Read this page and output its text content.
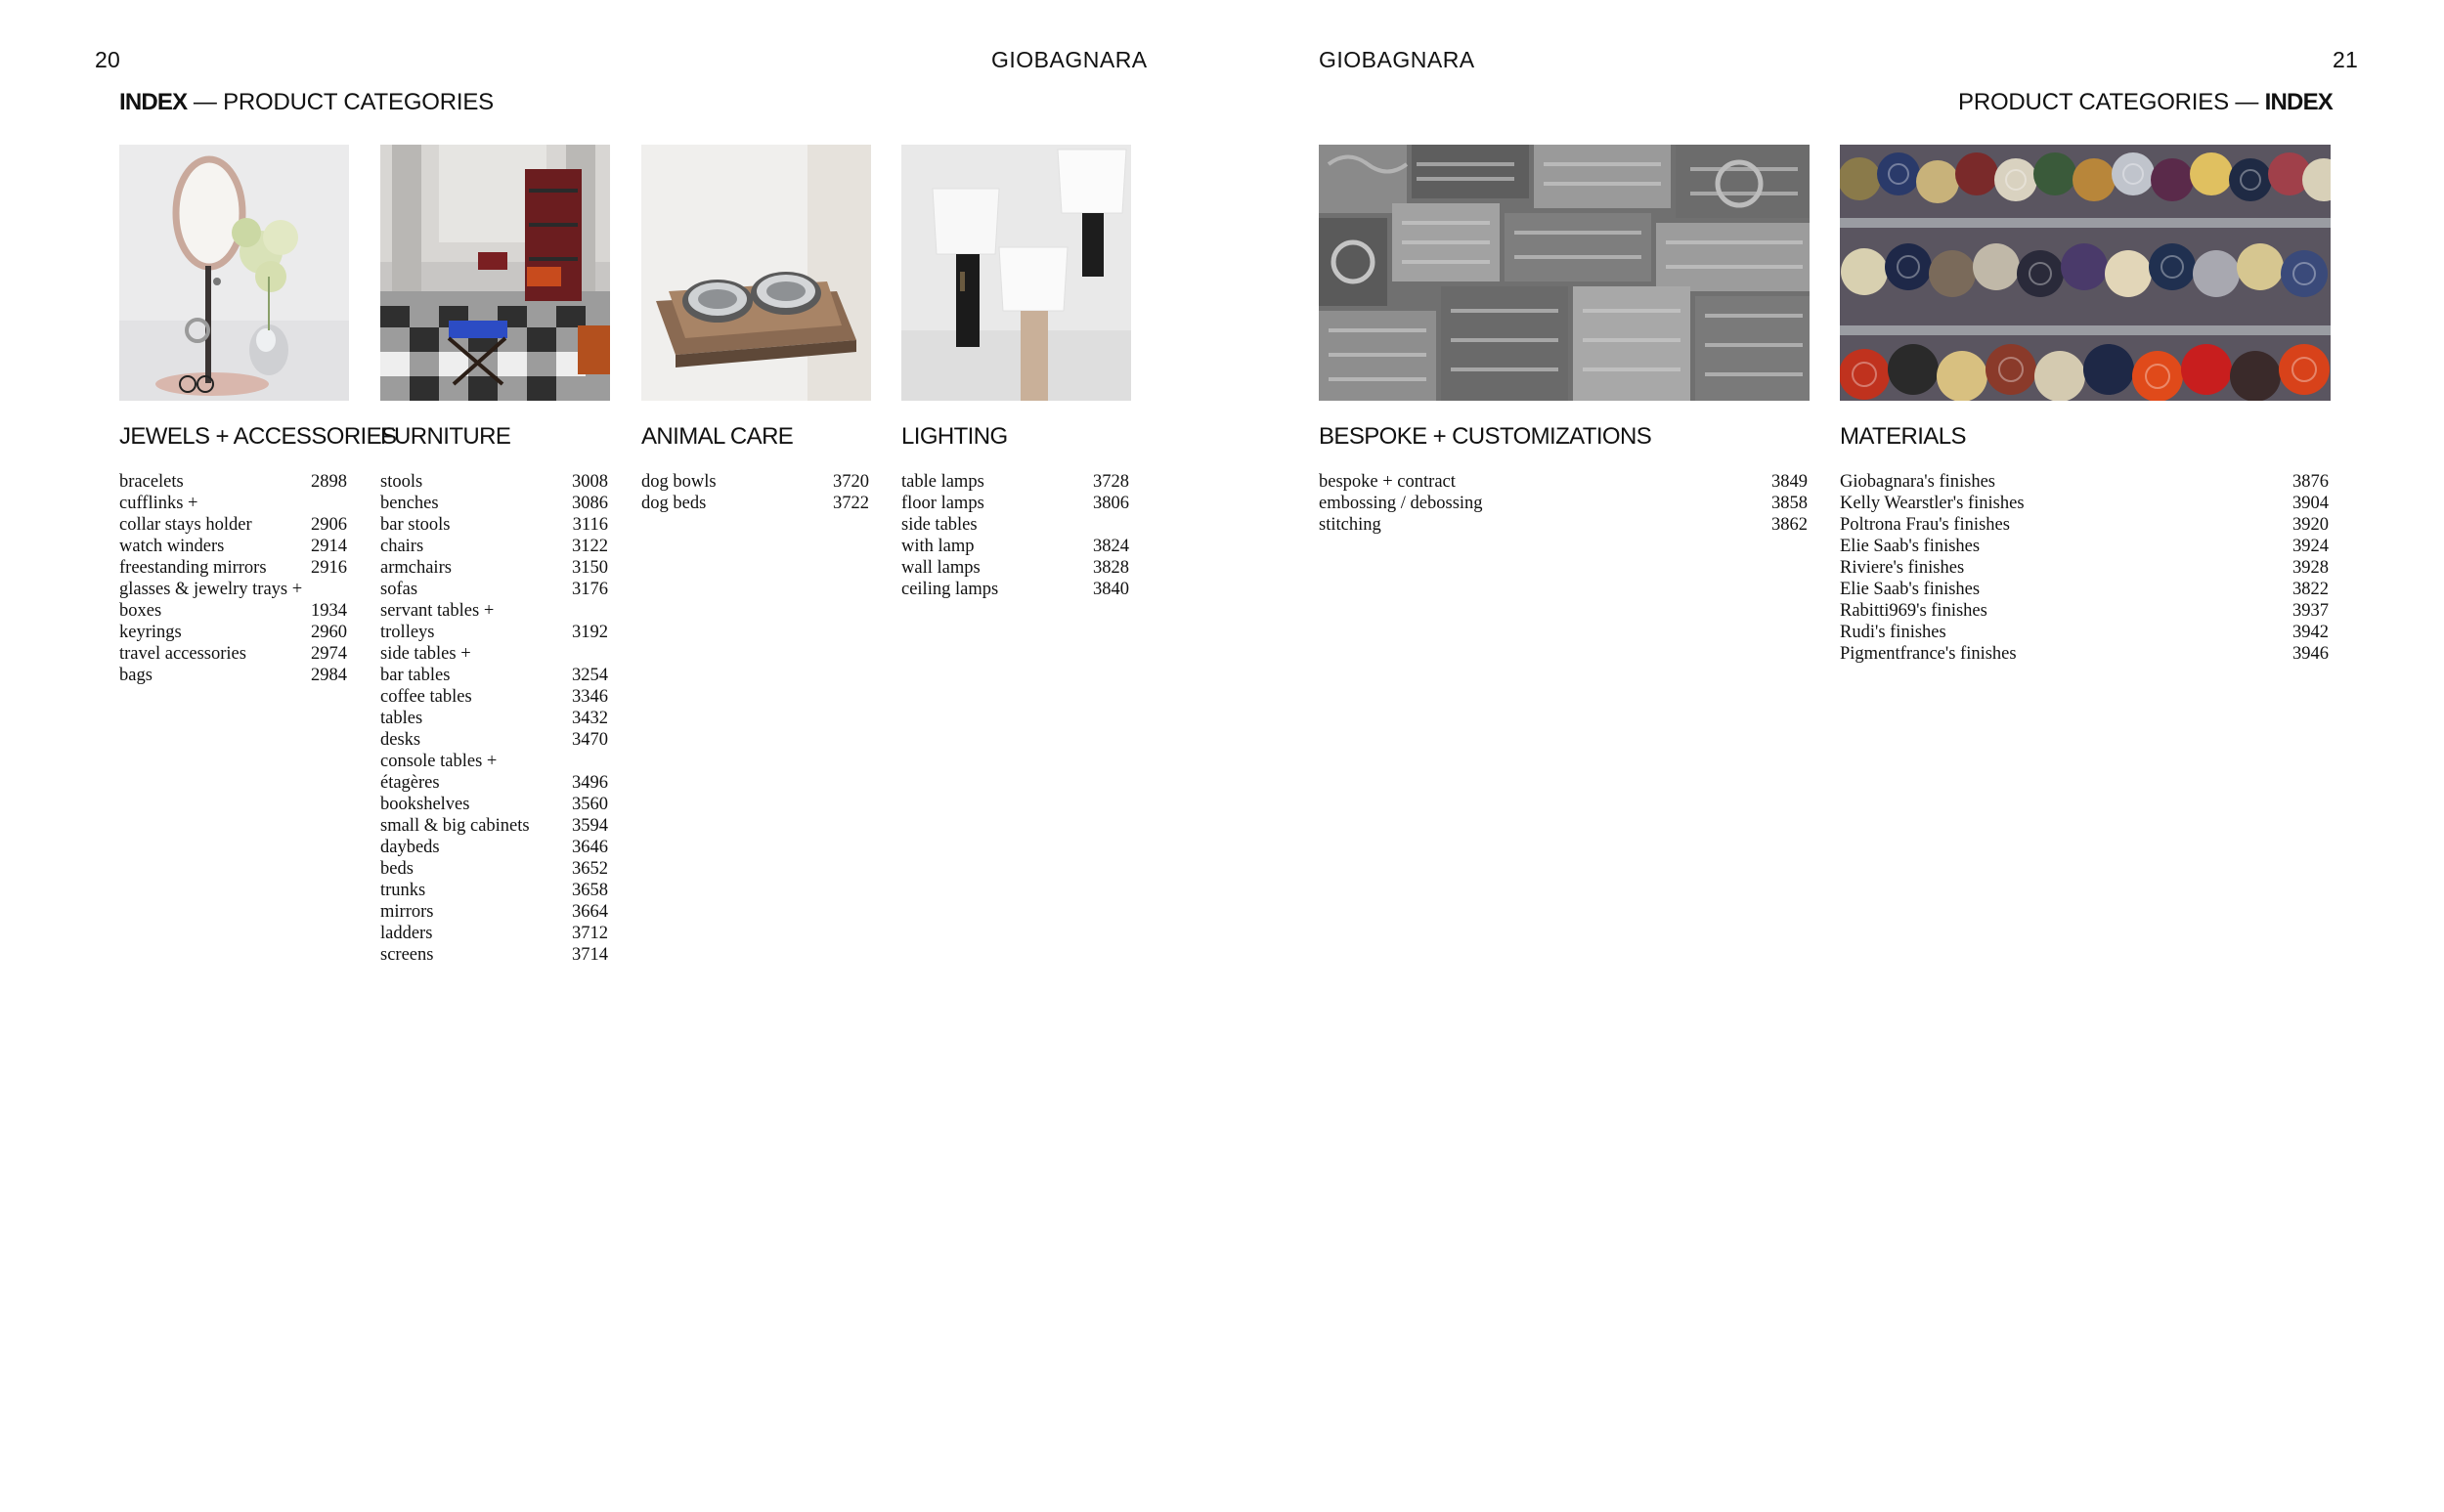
20	GIOBAGNARA	GIOBAGNARA	21
INDEX — PRODUCT CATEGORIES	PRODUCT CATEGORIES — INDEX
JEWELS + ACCESSORIES
bracelets	2898
cufflinks +
collar stays holder	2906
watch winders	2914
freestanding mirrors 2916
glasses & jewelry trays +
boxes	1934
keyrings	2960
travel accessories	2974
bags	2984
FURNITURE
stools	3008
benches	3086
bar stools	3116
chairs	3122
armchairs	3150
sofas	3176
servant tables +
trolleys	3192
side tables +
bar tables	3254
coffee tables	3346
tables	3432
desks	3470
console tables +
étagères	3496
bookshelves	3560
small & big cabinets 3594
daybeds	3646
beds	3652
trunks	3658
mirrors	3664
ladders	3712
screens	3714
ANIMAL CARE
dog bowls	3720
dog beds	3722
LIGHTING
table lamps	3728
floor lamps	3806
side tables
with lamp	3824
wall lamps	3828
ceiling lamps	3840
BESPOKE + CUSTOMIZATIONS
bespoke + contract	3849
embossing / debossing	3858
stitching	3862
MATERIALS
Giobagnara's finishes	3876
Kelly Wearstler's finishes	3904
Poltrona Frau's finishes	3920
Elie Saab's finishes	3924
Riviere's finishes	3928
Elie Saab's finishes	3822
Rabitti969's finishes	3937
Rudi's finishes	3942
Pigmentfrance's finishes	3946
